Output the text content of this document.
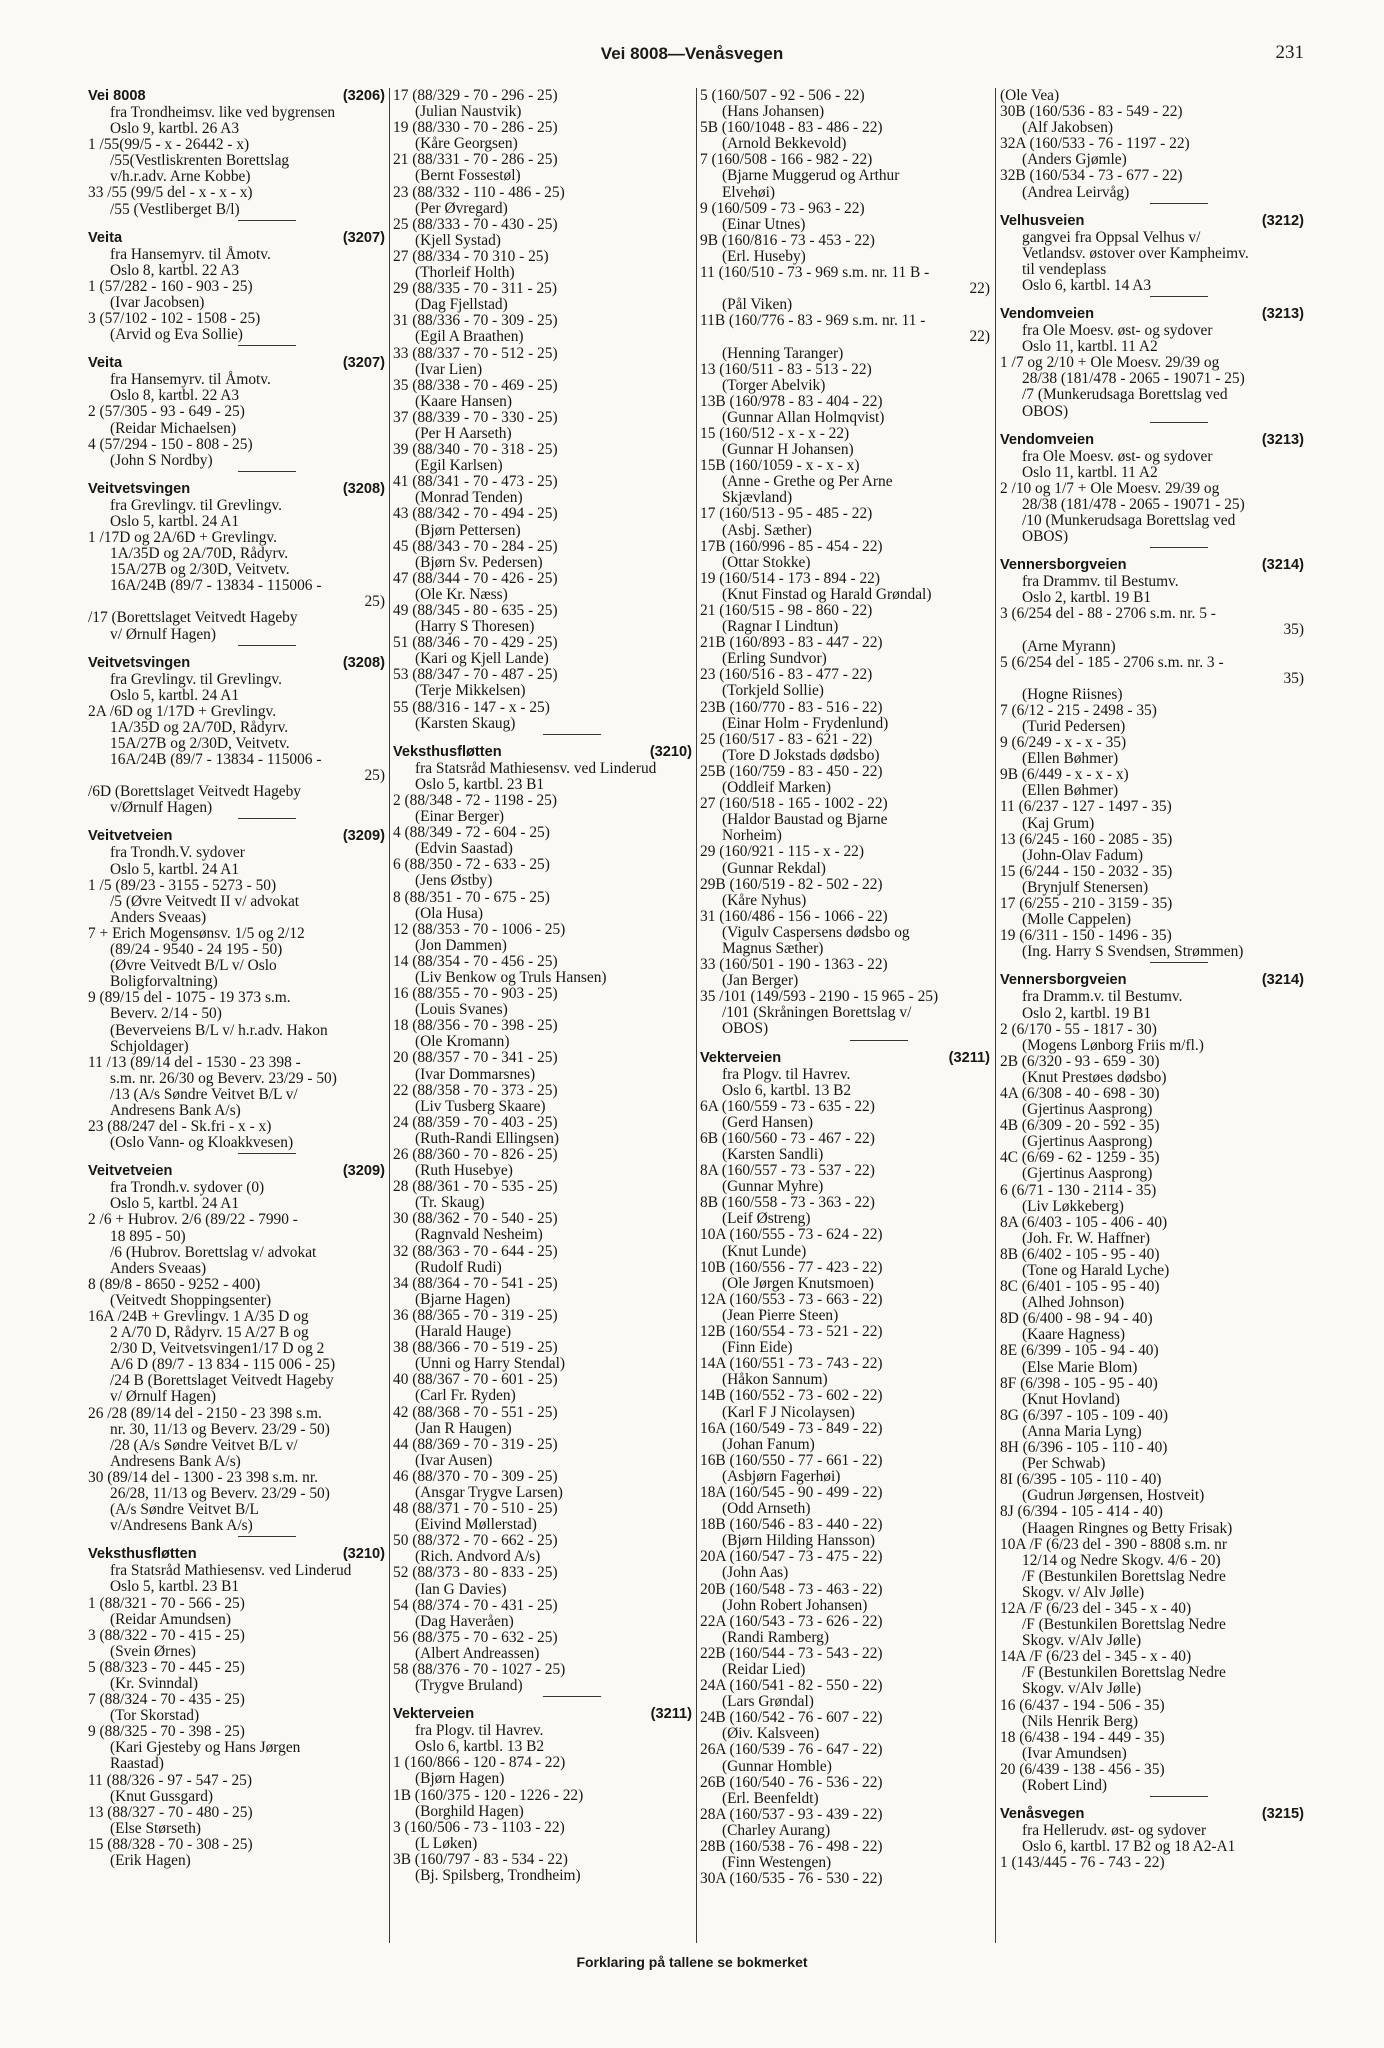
Vei 8008—Venåsvegen	231
Vei 8008	(3206)
fra Trondheimsv. like ved bygrensen
Oslo 9, kartbl. 26 A3
1 /55(99/5 - x - 26442 - x)
/55(Vestliskrenten Borettslag
v/h.r.adv. Arne Kobbe)
33 /55 (99/5 del - x - x - x)
/55 (Vestliberget B/l)
Veita	(3207)
fra Hansemyrv. til Åmotv.
Oslo 8, kartbl. 22 A3
1 (57/282 - 160 - 903 - 25)
(Ivar Jacobsen)
3 (57/102 - 102 - 1508 - 25)
(Arvid og Eva Sollie)
Veita	(3207)
fra Hansemyrv. til Åmotv.
Oslo 8, kartbl. 22 A3
2 (57/305 - 93 - 649 - 25)
(Reidar Michaelsen)
4 (57/294 - 150 - 808 - 25)
(John S Nordby)
Veitvetsvingen	(3208)
fra Grevlingv. til Grevlingv.
Oslo 5, kartbl. 24 A1
1 /17D og 2A/6D + Grevlingv.
1A/35D og 2A/70D, Rådyrv.
15A/27B og 2/30D, Veitvetv.
16A/24B (89/7 - 13834 - 115006 -
25)
/17 (Borettslaget Veitvedt Hageby
v/ Ørnulf Hagen)
Veitvetsvingen	(3208)
fra Grevlingv. til Grevlingv.
Oslo 5, kartbl. 24 A1
2A /6D og 1/17D + Grevlingv.
1A/35D og 2A/70D, Rådyrv.
15A/27B og 2/30D, Veitvetv.
16A/24B (89/7 - 13834 - 115006 -
25)
/6D (Borettslaget Veitvedt Hageby
v/Ørnulf Hagen)
Veitvetveien	(3209)
fra Trondh.V. sydover
Oslo 5, kartbl. 24 A1
1 /5 (89/23 - 3155 - 5273 - 50)
/5 (Øvre Veitvedt II v/ advokat
Anders Sveaas)
7 + Erich Mogensønsv. 1/5 og 2/12
(89/24 - 9540 - 24 195 - 50)
(Øvre Veitvedt B/L v/ Oslo
Boligforvaltning)
9 (89/15 del - 1075 - 19 373 s.m.
Beverv. 2/14 - 50)
(Beverveiens B/L v/ h.r.adv. Hakon
Schjoldager)
11 /13 (89/14 del - 1530 - 23 398 -
s.m. nr. 26/30 og Beverv. 23/29 - 50)
/13 (A/s Søndre Veitvet B/L v/
Andresens Bank A/s)
23 (88/247 del - Sk.fri - x - x)
(Oslo Vann- og Kloakkvesen)
Veitvetveien	(3209)
fra Trondh.v. sydover (0)
Oslo 5, kartbl. 24 A1
2 /6 + Hubrov. 2/6 (89/22 - 7990 -
18 895 - 50)
/6 (Hubrov. Borettslag v/ advokat
Anders Sveaas)
8 (89/8 - 8650 - 9252 - 400)
(Veitvedt Shoppingsenter)
16A /24B + Grevlingv. 1 A/35 D og
2 A/70 D, Rådyrv. 15 A/27 B og
2/30 D, Veitvetsvingen1/17 D og 2
A/6 D (89/7 - 13 834 - 115 006 - 25)
/24 B (Borettslaget Veitvedt Hageby
v/ Ørnulf Hagen)
26 /28 (89/14 del - 2150 - 23 398 s.m.
nr. 30, 11/13 og Beverv. 23/29 - 50)
/28 (A/s Søndre Veitvet B/L v/
Andresens Bank A/s)
30 (89/14 del - 1300 - 23 398 s.m. nr.
26/28, 11/13 og Beverv. 23/29 - 50)
(A/s Søndre Veitvet B/L
v/Andresens Bank A/s)
Veksthusfløtten	(3210)
fra Statsråd Mathiesensv. ved Linderud
Oslo 5, kartbl. 23 B1
1 (88/321 - 70 - 566 - 25)
(Reidar Amundsen)
3 (88/322 - 70 - 415 - 25)
(Svein Ørnes)
5 (88/323 - 70 - 445 - 25)
(Kr. Svinndal)
7 (88/324 - 70 - 435 - 25)
(Tor Skorstad)
9 (88/325 - 70 - 398 - 25)
(Kari Gjesteby og Hans Jørgen
Raastad)
11 (88/326 - 97 - 547 - 25)
(Knut Gussgard)
13 (88/327 - 70 - 480 - 25)
(Else Størseth)
15 (88/328 - 70 - 308 - 25)
(Erik Hagen)
17 (88/329 - 70 - 296 - 25)
(Julian Naustvik)
19 (88/330 - 70 - 286 - 25)
(Kåre Georgsen)
21 (88/331 - 70 - 286 - 25)
(Bernt Fossestøl)
23 (88/332 - 110 - 486 - 25)
(Per Øvregard)
25 (88/333 - 70 - 430 - 25)
(Kjell Systad)
27 (88/334 - 70 310 - 25)
(Thorleif Holth)
29 (88/335 - 70 - 311 - 25)
(Dag Fjellstad)
31 (88/336 - 70 - 309 - 25)
(Egil A Braathen)
33 (88/337 - 70 - 512 - 25)
(Ivar Lien)
35 (88/338 - 70 - 469 - 25)
(Kaare Hansen)
37 (88/339 - 70 - 330 - 25)
(Per H Aarseth)
39 (88/340 - 70 - 318 - 25)
(Egil Karlsen)
41 (88/341 - 70 - 473 - 25)
(Monrad Tenden)
43 (88/342 - 70 - 494 - 25)
(Bjørn Pettersen)
45 (88/343 - 70 - 284 - 25)
(Bjørn Sv. Pedersen)
47 (88/344 - 70 - 426 - 25)
(Ole Kr. Næss)
49 (88/345 - 80 - 635 - 25)
(Harry S Thoresen)
51 (88/346 - 70 - 429 - 25)
(Kari og Kjell Lande)
53 (88/347 - 70 - 487 - 25)
(Terje Mikkelsen)
55 (88/316 - 147 - x - 25)
(Karsten Skaug)
Veksthusfløtten	(3210)
fra Statsråd Mathiesensv. ved Linderud
Oslo 5, kartbl. 23 B1
2 (88/348 - 72 - 1198 - 25)
(Einar Berger)
4 (88/349 - 72 - 604 - 25)
(Edvin Saastad)
6 (88/350 - 72 - 633 - 25)
(Jens Østby)
8 (88/351 - 70 - 675 - 25)
(Ola Husa)
12 (88/353 - 70 - 1006 - 25)
(Jon Dammen)
14 (88/354 - 70 - 456 - 25)
(Liv Benkow og Truls Hansen)
16 (88/355 - 70 - 903 - 25)
(Louis Svanes)
18 (88/356 - 70 - 398 - 25)
(Ole Kromann)
20 (88/357 - 70 - 341 - 25)
(Ivar Dommarsnes)
22 (88/358 - 70 - 373 - 25)
(Liv Tusberg Skaare)
24 (88/359 - 70 - 403 - 25)
(Ruth-Randi Ellingsen)
26 (88/360 - 70 - 826 - 25)
(Ruth Husebye)
28 (88/361 - 70 - 535 - 25)
(Tr. Skaug)
30 (88/362 - 70 - 540 - 25)
(Ragnvald Nesheim)
32 (88/363 - 70 - 644 - 25)
(Rudolf Rudi)
34 (88/364 - 70 - 541 - 25)
(Bjarne Hagen)
36 (88/365 - 70 - 319 - 25)
(Harald Hauge)
38 (88/366 - 70 - 519 - 25)
(Unni og Harry Stendal)
40 (88/367 - 70 - 601 - 25)
(Carl Fr. Ryden)
42 (88/368 - 70 - 551 - 25)
(Jan R Haugen)
44 (88/369 - 70 - 319 - 25)
(Ivar Ausen)
46 (88/370 - 70 - 309 - 25)
(Ansgar Trygve Larsen)
48 (88/371 - 70 - 510 - 25)
(Eivind Møllerstad)
50 (88/372 - 70 - 662 - 25)
(Rich. Andvord A/s)
52 (88/373 - 80 - 833 - 25)
(Ian G Davies)
54 (88/374 - 70 - 431 - 25)
(Dag Haveråen)
56 (88/375 - 70 - 632 - 25)
(Albert Andreassen)
58 (88/376 - 70 - 1027 - 25)
(Trygve Bruland)
Vekterveien	(3211)
fra Plogv. til Havrev.
Oslo 6, kartbl. 13 B2
1 (160/866 - 120 - 874 - 22)
(Bjørn Hagen)
1B (160/375 - 120 - 1226 - 22)
(Borghild Hagen)
3 (160/506 - 73 - 1103 - 22)
(L Løken)
3B (160/797 - 83 - 534 - 22)
(Bj. Spilsberg, Trondheim)
5 (160/507 - 92 - 506 - 22)
(Hans Johansen)
5B (160/1048 - 83 - 486 - 22)
(Arnold Bekkevold)
7 (160/508 - 166 - 982 - 22)
(Bjarne Muggerud og Arthur
Elvehøi)
9 (160/509 - 73 - 963 - 22)
(Einar Utnes)
9B (160/816 - 73 - 453 - 22)
(Erl. Huseby)
11 (160/510 - 73 - 969 s.m. nr. 11 B -
22)
(Pål Viken)
11B (160/776 - 83 - 969 s.m. nr. 11 -
22)
(Henning Taranger)
13 (160/511 - 83 - 513 - 22)
(Torger Abelvik)
13B (160/978 - 83 - 404 - 22)
(Gunnar Allan Holmqvist)
15 (160/512 - x - x - 22)
(Gunnar H Johansen)
15B (160/1059 - x - x - x)
(Anne - Grethe og Per Arne
Skjævland)
17 (160/513 - 95 - 485 - 22)
(Asbj. Sæther)
17B (160/996 - 85 - 454 - 22)
(Ottar Stokke)
19 (160/514 - 173 - 894 - 22)
(Knut Finstad og Harald Grøndal)
21 (160/515 - 98 - 860 - 22)
(Ragnar I Lindtun)
21B (160/893 - 83 - 447 - 22)
(Erling Sundvor)
23 (160/516 - 83 - 477 - 22)
(Torkjeld Sollie)
23B (160/770 - 83 - 516 - 22)
(Einar Holm - Frydenlund)
25 (160/517 - 83 - 621 - 22)
(Tore D Jokstads dødsbo)
25B (160/759 - 83 - 450 - 22)
(Oddleif Marken)
27 (160/518 - 165 - 1002 - 22)
(Haldor Baustad og Bjarne
Norheim)
29 (160/921 - 115 - x - 22)
(Gunnar Rekdal)
29B (160/519 - 82 - 502 - 22)
(Kåre Nyhus)
31 (160/486 - 156 - 1066 - 22)
(Vigulv Caspersens dødsbo og
Magnus Sæther)
33 (160/501 - 190 - 1363 - 22)
(Jan Berger)
35 /101 (149/593 - 2190 - 15 965 - 25)
/101 (Skråningen Borettslag v/
OBOS)
Vekterveien	(3211)
fra Plogv. til Havrev.
Oslo 6, kartbl. 13 B2
6A (160/559 - 73 - 635 - 22)
(Gerd Hansen)
6B (160/560 - 73 - 467 - 22)
(Karsten Sandli)
8A (160/557 - 73 - 537 - 22)
(Gunnar Myhre)
8B (160/558 - 73 - 363 - 22)
(Leif Østreng)
10A (160/555 - 73 - 624 - 22)
(Knut Lunde)
10B (160/556 - 77 - 423 - 22)
(Ole Jørgen Knutsmoen)
12A (160/553 - 73 - 663 - 22)
(Jean Pierre Steen)
12B (160/554 - 73 - 521 - 22)
(Finn Eide)
14A (160/551 - 73 - 743 - 22)
(Håkon Sannum)
14B (160/552 - 73 - 602 - 22)
(Karl F J Nicolaysen)
16A (160/549 - 73 - 849 - 22)
(Johan Fanum)
16B (160/550 - 77 - 661 - 22)
(Asbjørn Fagerhøi)
18A (160/545 - 90 - 499 - 22)
(Odd Arnseth)
18B (160/546 - 83 - 440 - 22)
(Bjørn Hilding Hansson)
20A (160/547 - 73 - 475 - 22)
(John Aas)
20B (160/548 - 73 - 463 - 22)
(John Robert Johansen)
22A (160/543 - 73 - 626 - 22)
(Randi Ramberg)
22B (160/544 - 73 - 543 - 22)
(Reidar Lied)
24A (160/541 - 82 - 550 - 22)
(Lars Grøndal)
24B (160/542 - 76 - 607 - 22)
(Øiv. Kalsveen)
26A (160/539 - 76 - 647 - 22)
(Gunnar Homble)
26B (160/540 - 76 - 536 - 22)
(Erl. Beenfeldt)
28A (160/537 - 93 - 439 - 22)
(Charley Aurang)
28B (160/538 - 76 - 498 - 22)
(Finn Westengen)
30A (160/535 - 76 - 530 - 22)
(Ole Vea)
30B (160/536 - 83 - 549 - 22)
(Alf Jakobsen)
32A (160/533 - 76 - 1197 - 22)
(Anders Gjømle)
32B (160/534 - 73 - 677 - 22)
(Andrea Leirvåg)
Velhusveien	(3212)
gangvei fra Oppsal Velhus v/
Vetlandsv. østover over Kampheimv.
til vendeplass
Oslo 6, kartbl. 14 A3
Vendomveien	(3213)
fra Ole Moesv. øst- og sydover
Oslo 11, kartbl. 11 A2
1 /7 og 2/10 + Ole Moesv. 29/39 og
28/38 (181/478 - 2065 - 19071 - 25)
/7 (Munkerudsaga Borettslag ved
OBOS)
Vendomveien	(3213)
fra Ole Moesv. øst- og sydover
Oslo 11, kartbl. 11 A2
2 /10 og 1/7 + Ole Moesv. 29/39 og
28/38 (181/478 - 2065 - 19071 - 25)
/10 (Munkerudsaga Borettslag ved
OBOS)
Vennersborgveien	(3214)
fra Drammv. til Bestumv.
Oslo 2, kartbl. 19 B1
3 (6/254 del - 88 - 2706 s.m. nr. 5 -
35)
(Arne Myrann)
5 (6/254 del - 185 - 2706 s.m. nr. 3 -
35)
(Hogne Riisnes)
7 (6/12 - 215 - 2498 - 35)
(Turid Pedersen)
9 (6/249 - x - x - 35)
(Ellen Bøhmer)
9B (6/449 - x - x - x)
(Ellen Bøhmer)
11 (6/237 - 127 - 1497 - 35)
(Kaj Grum)
13 (6/245 - 160 - 2085 - 35)
(John-Olav Fadum)
15 (6/244 - 150 - 2032 - 35)
(Brynjulf Stenersen)
17 (6/255 - 210 - 3159 - 35)
(Molle Cappelen)
19 (6/311 - 150 - 1496 - 35)
(Ing. Harry S Svendsen, Strømmen)
Vennersborgveien	(3214)
fra Dramm.v. til Bestumv.
Oslo 2, kartbl. 19 B1
2 (6/170 - 55 - 1817 - 30)
(Mogens Lønborg Friis m/fl.)
2B (6/320 - 93 - 659 - 30)
(Knut Prestøes dødsbo)
4A (6/308 - 40 - 698 - 30)
(Gjertinus Aasprong)
4B (6/309 - 20 - 592 - 35)
(Gjertinus Aasprong)
4C (6/69 - 62 - 1259 - 35)
(Gjertinus Aasprong)
6 (6/71 - 130 - 2114 - 35)
(Liv Løkkeberg)
8A (6/403 - 105 - 406 - 40)
(Joh. Fr. W. Haffner)
8B (6/402 - 105 - 95 - 40)
(Tone og Harald Lyche)
8C (6/401 - 105 - 95 - 40)
(Alhed Johnson)
8D (6/400 - 98 - 94 - 40)
(Kaare Hagness)
8E (6/399 - 105 - 94 - 40)
(Else Marie Blom)
8F (6/398 - 105 - 95 - 40)
(Knut Hovland)
8G (6/397 - 105 - 109 - 40)
(Anna Maria Lyng)
8H (6/396 - 105 - 110 - 40)
(Per Schwab)
8I (6/395 - 105 - 110 - 40)
(Gudrun Jørgensen, Hostveit)
8J (6/394 - 105 - 414 - 40)
(Haagen Ringnes og Betty Frisak)
10A /F (6/23 del - 390 - 8808 s.m. nr
12/14 og Nedre Skogv. 4/6 - 20)
/F (Bestunkilen Borettslag Nedre
Skogv. v/ Alv Jølle)
12A /F (6/23 del - 345 - x - 40)
/F (Bestunkilen Borettslag Nedre
Skogv. v/Alv Jølle)
14A /F (6/23 del - 345 - x - 40)
/F (Bestunkilen Borettslag Nedre
Skogv. v/Alv Jølle)
16 (6/437 - 194 - 506 - 35)
(Nils Henrik Berg)
18 (6/438 - 194 - 449 - 35)
(Ivar Amundsen)
20 (6/439 - 138 - 456 - 35)
(Robert Lind)
Venåsvegen	(3215)
fra Hellerudv. øst- og sydover
Oslo 6, kartbl. 17 B2 og 18 A2-A1
1 (143/445 - 76 - 743 - 22)
Forklaring på tallene se bokmerket
